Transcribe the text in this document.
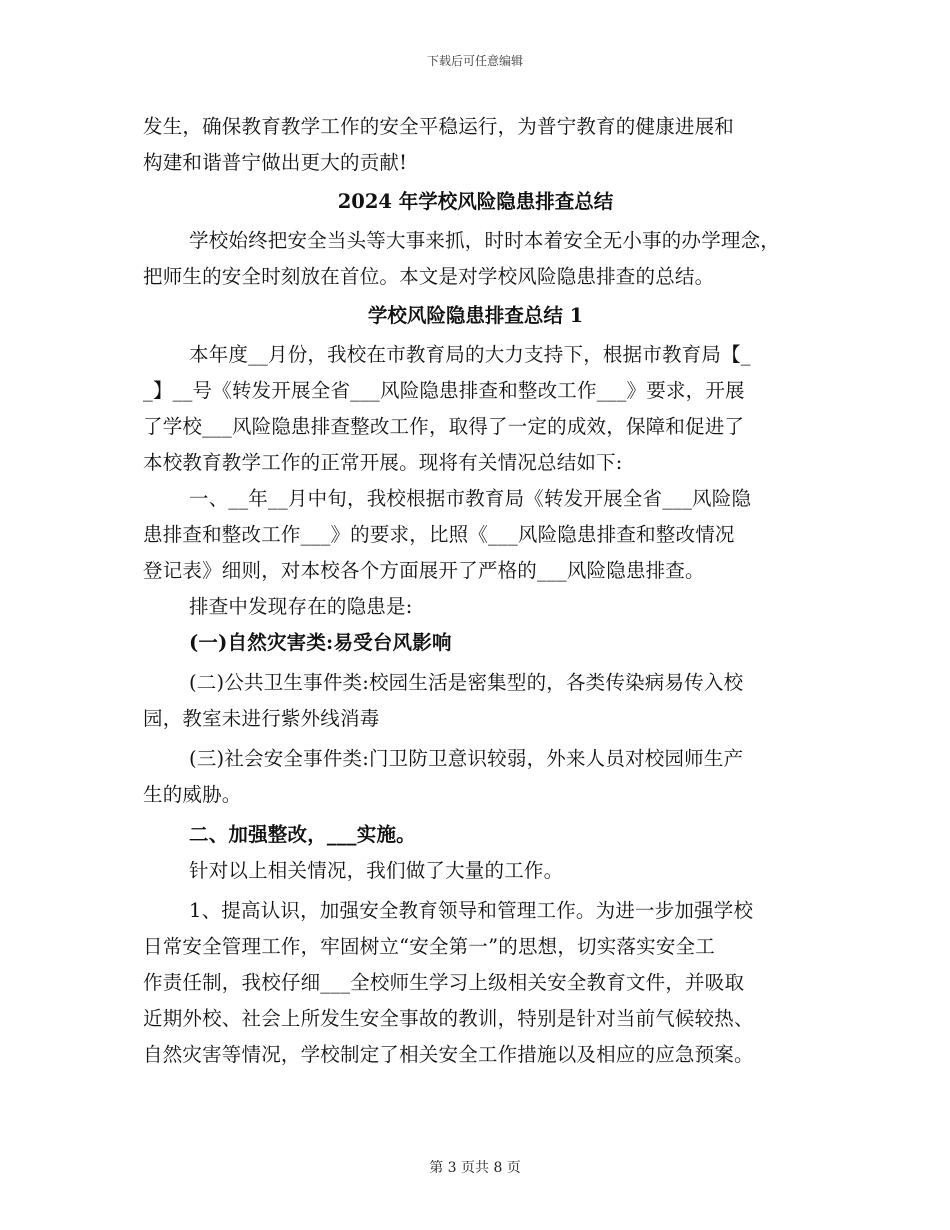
下载后可任意编辑
发生，确保教育教学工作的安全平稳运行，为普宁教育的健康进展和
构建和谐普宁做出更大的贡献!
2024 年学校风险隐患排查总结
学校始终把安全当头等大事来抓，时时本着安全无小事的办学理念，
把师生的安全时刻放在首位。本文是对学校风险隐患排查的总结。
学校风险隐患排查总结 1
本年度__月份，我校在市教育局的大力支持下，根据市教育局【_
_】__号《转发开展全省___风险隐患排查和整改工作___》要求，开展
了学校___风险隐患排查整改工作，取得了一定的成效，保障和促进了
本校教育教学工作的正常开展。现将有关情况总结如下:
一、__年__月中旬，我校根据市教育局《转发开展全省___风险隐
患排查和整改工作___》的要求，比照《___风险隐患排查和整改情况
登记表》细则，对本校各个方面展开了严格的___风险隐患排查。
排查中发现存在的隐患是:
(一)自然灾害类:易受台风影响
(二)公共卫生事件类:校园生活是密集型的，各类传染病易传入校
园，教室未进行紫外线消毒
(三)社会安全事件类:门卫防卫意识较弱，外来人员对校园师生产
生的威胁。
二、加强整改，___实施。
针对以上相关情况，我们做了大量的工作。
1、提高认识，加强安全教育领导和管理工作。为进一步加强学校
日常安全管理工作，牢固树立“安全第一”的思想，切实落实安全工
作责任制，我校仔细___全校师生学习上级相关安全教育文件，并吸取
近期外校、社会上所发生安全事故的教训，特别是针对当前气候较热、
自然灾害等情况，学校制定了相关安全工作措施以及相应的应急预案。
第 3 页共 8 页
